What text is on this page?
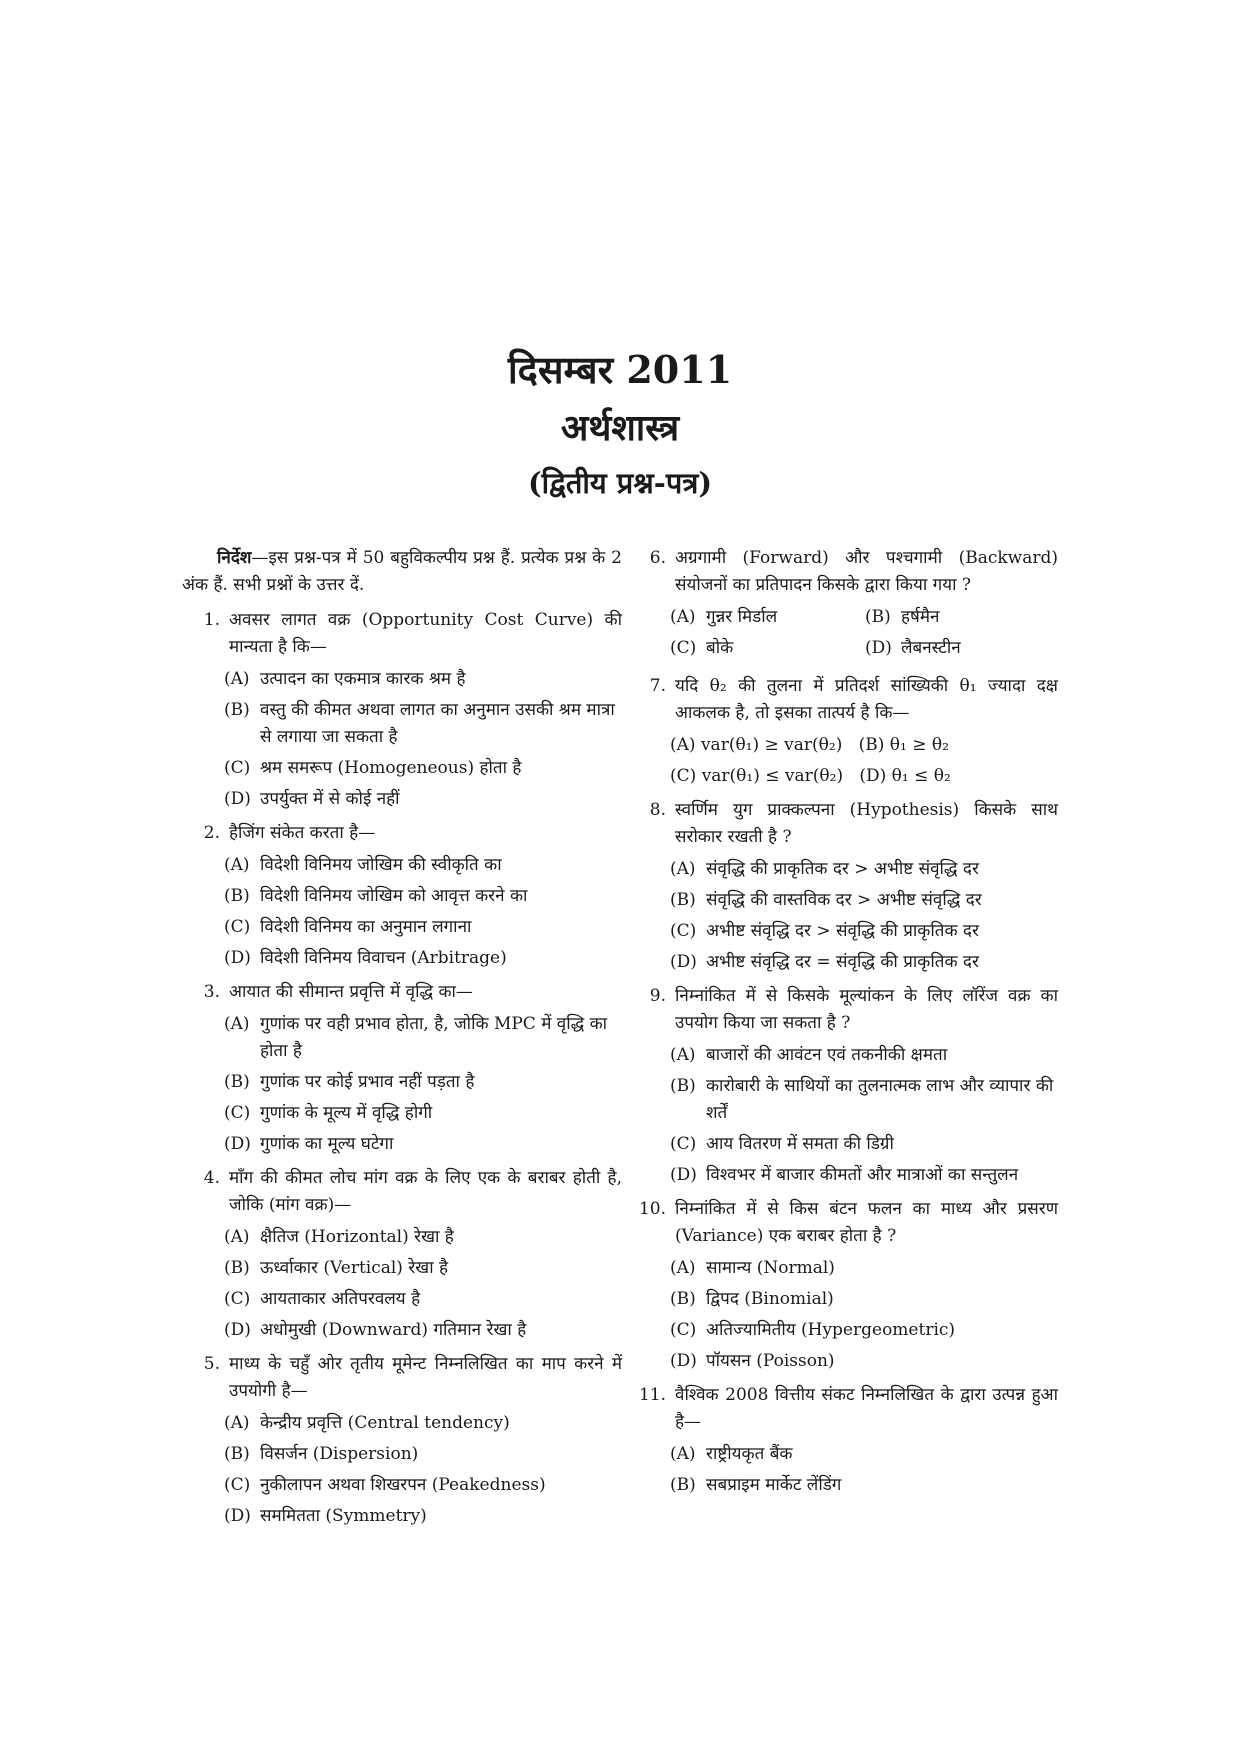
दिसम्बर 2011
अर्थशास्त्र
(द्वितीय प्रश्न-पत्र)

निर्देश—इस प्रश्न-पत्र में 50 बहुविकल्पीय प्रश्न हैं. प्रत्येक प्रश्न के 2 अंक हैं. सभी प्रश्नों के उत्तर दें.

1. अवसर लागत वक्र (Opportunity Cost Curve) की मान्यता है कि—
(A) उत्पादन का एकमात्र कारक श्रम है
(B) वस्तु की कीमत अथवा लागत का अनुमान उसकी श्रम मात्रा से लगाया जा सकता है
(C) श्रम समरूप (Homogeneous) होता है
(D) उपर्युक्त में से कोई नहीं
2. हैजिंग संकेत करता है—
(A) विदेशी विनिमय जोखिम की स्वीकृति का
(B) विदेशी विनिमय जोखिम को आवृत्त करने का
(C) विदेशी विनिमय का अनुमान लगाना
(D) विदेशी विनिमय विवाचन (Arbitrage)
3. आयात की सीमान्त प्रवृत्ति में वृद्धि का—
(A) गुणांक पर वही प्रभाव होता, है, जोकि MPC में वृद्धि का होता है
(B) गुणांक पर कोई प्रभाव नहीं पड़ता है
(C) गुणांक के मूल्य में वृद्धि होगी
(D) गुणांक का मूल्य घटेगा
4. माँग की कीमत लोच मांग वक्र के लिए एक के बराबर होती है, जोकि (मांग वक्र)—
(A) क्षैतिज (Horizontal) रेखा है
(B) ऊर्ध्वाकार (Vertical) रेखा है
(C) आयताकार अतिपरवलय है
(D) अधोमुखी (Downward) गतिमान रेखा है
5. माध्य के चहुँ ओर तृतीय मूमेन्ट निम्नलिखित का माप करने में उपयोगी है—
(A) केन्द्रीय प्रवृत्ति (Central tendency)
(B) विसर्जन (Dispersion)
(C) नुकीलापन अथवा शिखरपन (Peakedness)
(D) सममितता (Symmetry)
6. अग्रगामी (Forward) और पश्चगामी (Backward) संयोजनों का प्रतिपादन किसके द्वारा किया गया ?
(A) गुन्नर मिर्डाल	(B) हर्षमैन
(C) बोके	(D) लैबनस्टीन
7. यदि θ₂ की तुलना में प्रतिदर्श सांख्यिकी θ₁ ज्यादा दक्ष आकलक है, तो इसका तात्पर्य है कि—
(A) var(θ₁) ≥ var(θ₂) (B) θ₁ ≥ θ₂
(C) var(θ₁) ≤ var(θ₂) (D) θ₁ ≤ θ₂
8. स्वर्णिम युग प्राक्कल्पना (Hypothesis) किसके साथ सरोकार रखती है ?
(A) संवृद्धि की प्राकृतिक दर > अभीष्ट संवृद्धि दर
(B) संवृद्धि की वास्तविक दर > अभीष्ट संवृद्धि दर
(C) अभीष्ट संवृद्धि दर > संवृद्धि की प्राकृतिक दर
(D) अभीष्ट संवृद्धि दर = संवृद्धि की प्राकृतिक दर
9. निम्नांकित में से किसके मूल्यांकन के लिए लॉरेंज वक्र का उपयोग किया जा सकता है ?
(A) बाजारों की आवंटन एवं तकनीकी क्षमता
(B) कारोबारी के साथियों का तुलनात्मक लाभ और व्यापार की शर्तें
(C) आय वितरण में समता की डिग्री
(D) विश्वभर में बाजार कीमतों और मात्राओं का सन्तुलन
10. निम्नांकित में से किस बंटन फलन का माध्य और प्रसरण (Variance) एक बराबर होता है ?
(A) सामान्य (Normal)
(B) द्विपद (Binomial)
(C) अतिज्यामितीय (Hypergeometric)
(D) पॉयसन (Poisson)
11. वैश्विक 2008 वित्तीय संकट निम्नलिखित के द्वारा उत्पन्न हुआ है—
(A) राष्ट्रीयकृत बैंक
(B) सबप्राइम मार्केट लेंडिंग
